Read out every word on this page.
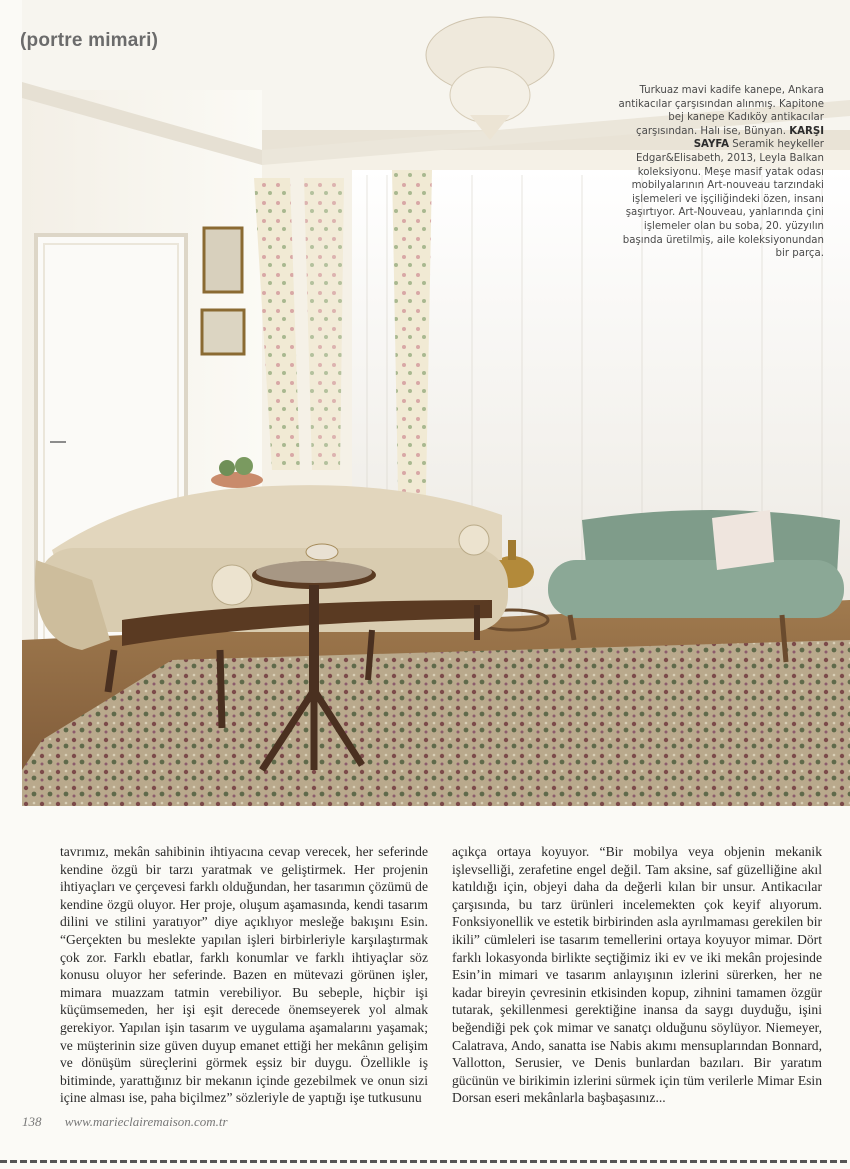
(portre mimari)
Turkuaz mavi kadife kanepe, Ankara antikacılar çarşısından alınmış. Kapitone bej kanepe Kadıköy antikacılar çarşısından. Halı ise, Bünyan. KARŞI SAYFA Seramik heykeller Edgar&Elisabeth, 2013, Leyla Balkan koleksiyonu. Meşe masif yatak odası mobilyalarının Art-nouveau tarzındaki işlemeleri ve işçiliğindeki özen, insanı şaşırtıyor. Art-Nouveau, yanlarında çini işlemeler olan bu soba, 20. yüzyılın başında üretilmiş, aile koleksiyonundan bir parça.

tavrımız, mekân sahibinin ihtiyacına cevap verecek, her seferinde kendine özgü bir tarzı yaratmak ve geliştirmek. Her projenin ihtiyaçları ve çerçevesi farklı olduğundan, her tasarımın çözümü de kendine özgü oluyor. Her proje, oluşum aşamasında, kendi tasarım dilini ve stilini yaratıyor” diye açıklıyor mesleğe bakışını Esin. “Gerçekten bu meslekte yapılan işleri birbirleriyle karşılaştırmak çok zor. Farklı ebatlar, farklı konumlar ve farklı ihtiyaçlar söz konusu oluyor her seferinde. Bazen en mütevazi görünen işler, mimara muazzam tatmin verebiliyor. Bu sebeple, hiçbir işi küçümsemeden, her işi eşit derecede önemseyerek yol almak gerekiyor. Yapılan işin tasarım ve uygulama aşamalarını yaşamak; ve müşterinin size güven duyup emanet ettiği her mekânın gelişim ve dönüşüm süreçlerini görmek eşsiz bir duygu. Özellikle iş bitiminde, yarattığınız bir mekanın içinde gezebilmek ve onun sizi içine alması ise, paha biçilmez” sözleriyle de yaptığı işe tutkusunu

açıkça ortaya koyuyor. “Bir mobilya veya objenin mekanik işlevselliği, zerafetine engel değil. Tam aksine, saf güzelliğine akıl katıldığı için, objeyi daha da değerli kılan bir unsur. Antikacılar çarşısında, bu tarz ürünleri incelemekten çok keyif alıyorum. Fonksiyonellik ve estetik birbirinden asla ayrılmaması gerekilen bir ikili” cümleleri ise tasarım temellerini ortaya koyuyor mimar. Dört farklı lokasyonda birlikte seçtiğimiz iki ev ve iki mekân projesinde Esin’in mimari ve tasarım anlayışının izlerini sürerken, her ne kadar bireyin çevresinin etkisinden kopup, zihnini tamamen özgür tutarak, şekillenmesi gerektiğine inansa da saygı duyduğu, işini beğendiği pek çok mimar ve sanatçı olduğunu söylüyor. Niemeyer, Calatrava, Ando, sanatta ise Nabis akımı mensuplarından Bonnard, Vallotton, Serusier, ve Denis bunlardan bazıları. Bir yaratım gücünün ve birikimin izlerini sürmek için tüm verilerle Mimar Esin Dorsan eseri mekânlarla başbaşasınız...

138 www.marieclairemaison.com.tr
